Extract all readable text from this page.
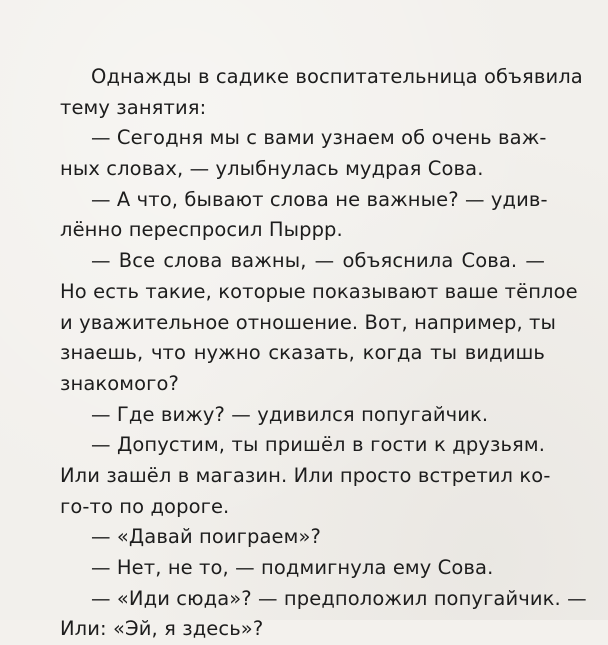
Однажды в садике воспитательница объявила
тему занятия:
— Сегодня мы с вами узнаем об очень важ-
ных словах, — улыбнулась мудрая Сова.
— А что, бывают слова не важные? — удив-
лённо переспросил Пыррр.
— Все слова важны, — объяснила Сова. —
Но есть такие, которые показывают ваше тёплое
и уважительное отношение. Вот, например, ты
знаешь, что нужно сказать, когда ты видишь
знакомого?
— Где вижу? — удивился попугайчик.
— Допустим, ты пришёл в гости к друзьям.
Или зашёл в магазин. Или просто встретил ко-
го-то по дороге.
— «Давай поиграем»?
— Нет, не то, — подмигнула ему Сова.
— «Иди сюда»? — предположил попугайчик. —
Или: «Эй, я здесь»?
